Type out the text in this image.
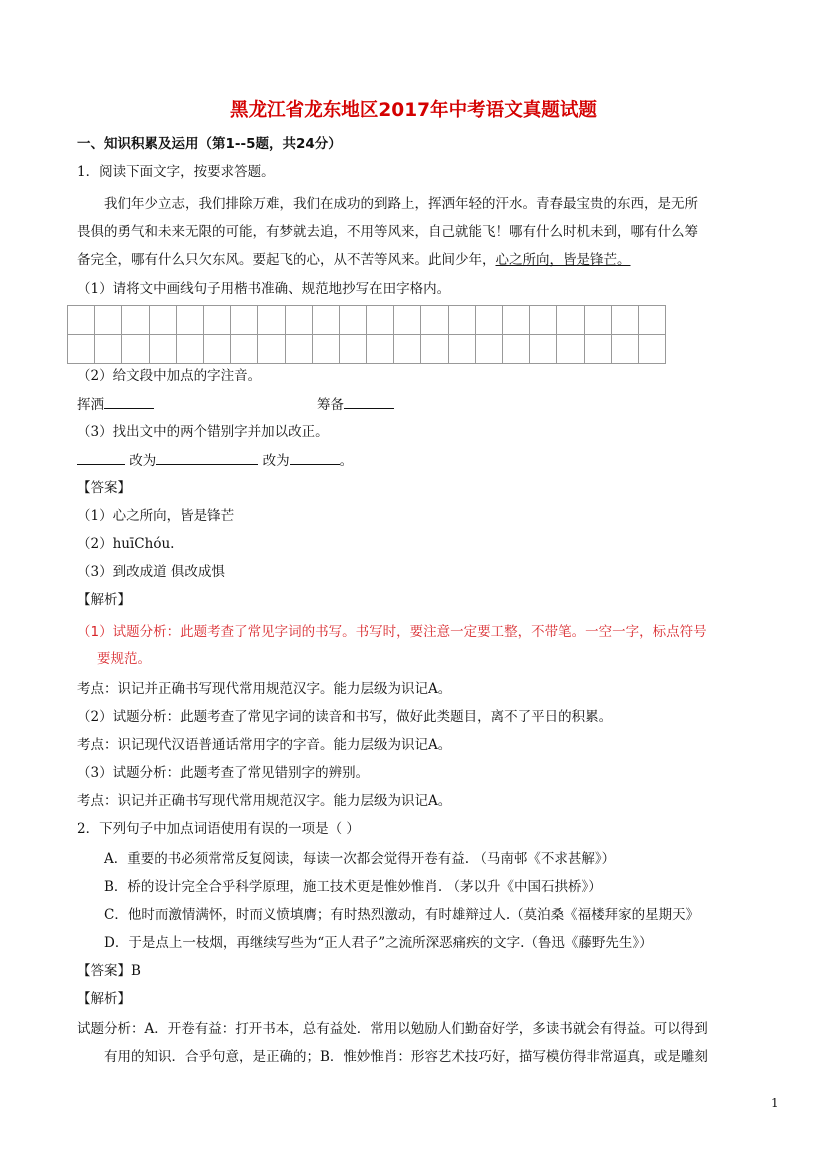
黑龙江省龙东地区2017年中考语文真题试题
一、知识积累及运用（第1--5题，共24分）
1．阅读下面文字，按要求答题。
我们年少立志，我们排除万难，我们在成功的到路上，挥洒年轻的汗水。青春最宝贵的东西，是无所
畏俱的勇气和未来无限的可能，有梦就去追，不用等风来，自己就能飞！哪有什么时机未到，哪有什么筹
备完全，哪有什么只欠东风。要起飞的心，从不苦等风来。此间少年，心之所向，皆是锋芒。
（1）请将文中画线句子用楷书准确、规范地抄写在田字格内。

（2）给文段中加点的字注音。
挥洒	筹备
（3）找出文中的两个错别字并加以改正。
改为	改为	。
【答案】
（1）心之所向，皆是锋芒
（2）huīChóu.
（3）到改成道 俱改成惧
【解析】
（1）试题分析：此题考查了常见字词的书写。书写时，要注意一定要工整，不带笔。一空一字，标点符号
要规范。
考点：识记并正确书写现代常用规范汉字。能力层级为识记A。
（2）试题分析：此题考查了常见字词的读音和书写，做好此类题目，离不了平日的积累。
考点：识记现代汉语普通话常用字的字音。能力层级为识记A。
（3）试题分析：此题考查了常见错别字的辨别。
考点：识记并正确书写现代常用规范汉字。能力层级为识记A。
2．下列句子中加点词语使用有误的一项是（ ）
A．重要的书必须常常反复阅读，每读一次都会觉得开卷有益. （马南邨《不求甚解》）
B．桥的设计完全合乎科学原理，施工技术更是惟妙惟肖. （茅以升《中国石拱桥》）
C．他时而激情满怀，时而义愤填膺；有时热烈激动，有时雄辩过人.（莫泊桑《福楼拜家的星期天》
D．于是点上一枝烟，再继续写些为“正人君子”之流所深恶痛疾的文字.（鲁迅《藤野先生》）
【答案】B
【解析】
试题分析：A．开卷有益：打开书本，总有益处．常用以勉励人们勤奋好学，多读书就会有得益。可以得到
有用的知识．合乎句意，是正确的；B．惟妙惟肖：形容艺术技巧好，描写模仿得非常逼真，或是雕刻
1
